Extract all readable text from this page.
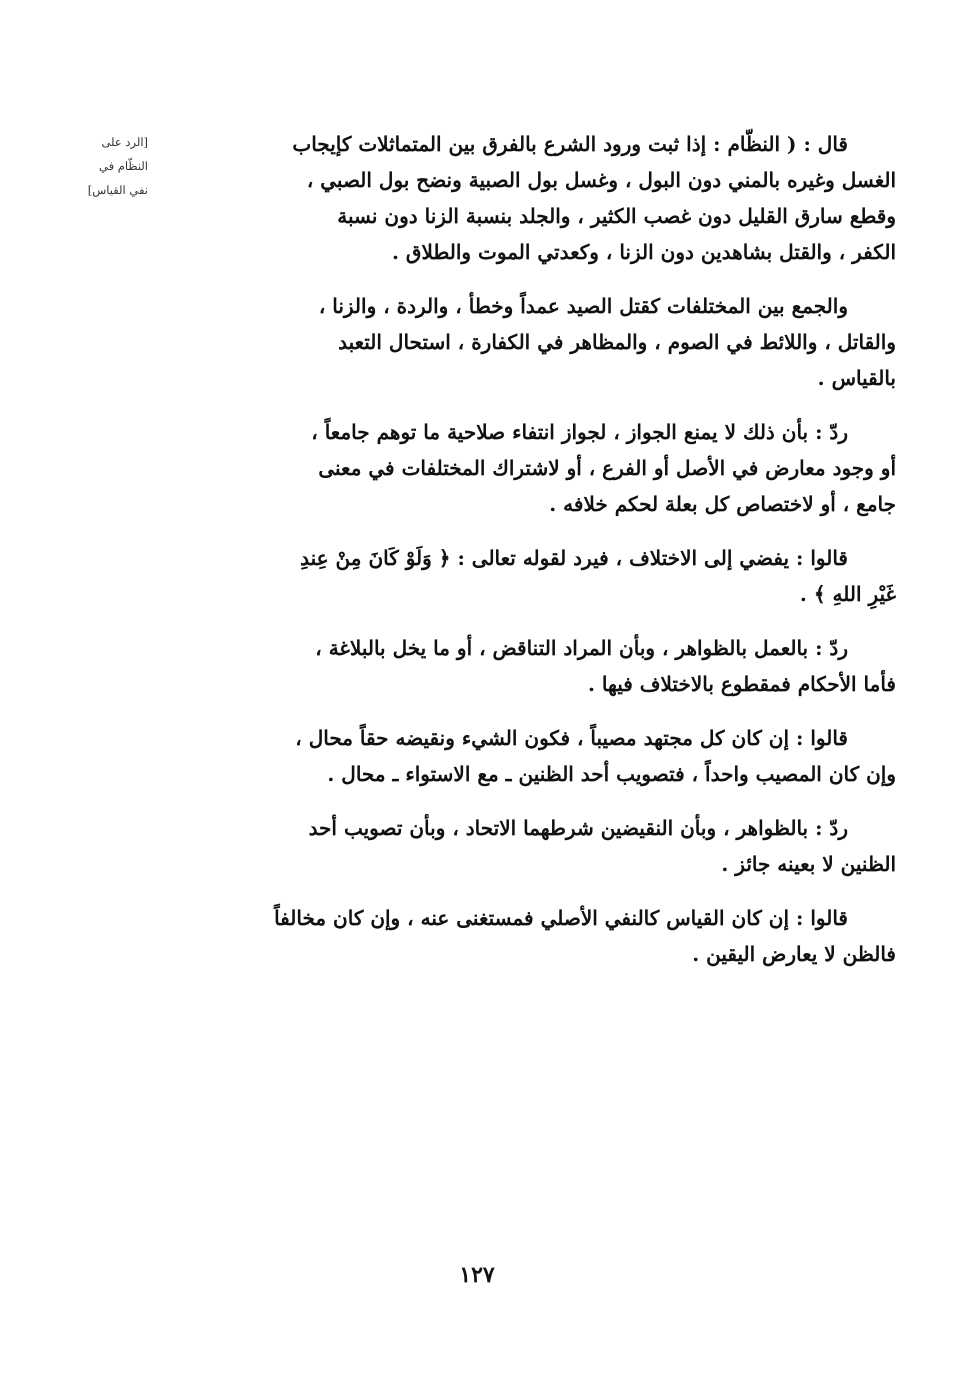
[الرد على
النظّام في
نفي القياس]

قال : ( النظّام : إذا ثبت ورود الشرع بالفرق بين المتماثلات كإيجاب
الغسل وغيره بالمني دون البول ، وغسل بول الصبية ونضح بول الصبي ،
وقطع سارق القليل دون غصب الكثير ، والجلد بنسبة الزنا دون نسبة
الكفر ، والقتل بشاهدين دون الزنا ، وكعدتي الموت والطلاق .

والجمع بين المختلفات كقتل الصيد عمداً وخطأ ، والردة ، والزنا ،
والقاتل ، واللائط في الصوم ، والمظاهر في الكفارة ، استحال التعبد
بالقياس .

ردّ : بأن ذلك لا يمنع الجواز ، لجواز انتفاء صلاحية ما توهم جامعاً ،
أو وجود معارض في الأصل أو الفرع ، أو لاشتراك المختلفات في معنى
جامع ، أو لاختصاص كل بعلة لحكم خلافه .

قالوا : يفضي إلى الاختلاف ، فيرد لقوله تعالى : ﴿ وَلَوْ كَانَ مِنْ عِندِ
غَيْرِ اللهِ ﴾ .

ردّ : بالعمل بالظواهر ، وبأن المراد التناقض ، أو ما يخل بالبلاغة ،
فأما الأحكام فمقطوع بالاختلاف فيها .

قالوا : إن كان كل مجتهد مصيباً ، فكون الشيء ونقيضه حقاً محال ،
وإن كان المصيب واحداً ، فتصويب أحد الظنين ـ مع الاستواء ـ محال .

ردّ : بالظواهر ، وبأن النقيضين شرطهما الاتحاد ، وبأن تصويب أحد
الظنين لا بعينه جائز .

قالوا : إن كان القياس كالنفي الأصلي فمستغنى عنه ، وإن كان مخالفاً
فالظن لا يعارض اليقين .

١٢٧
